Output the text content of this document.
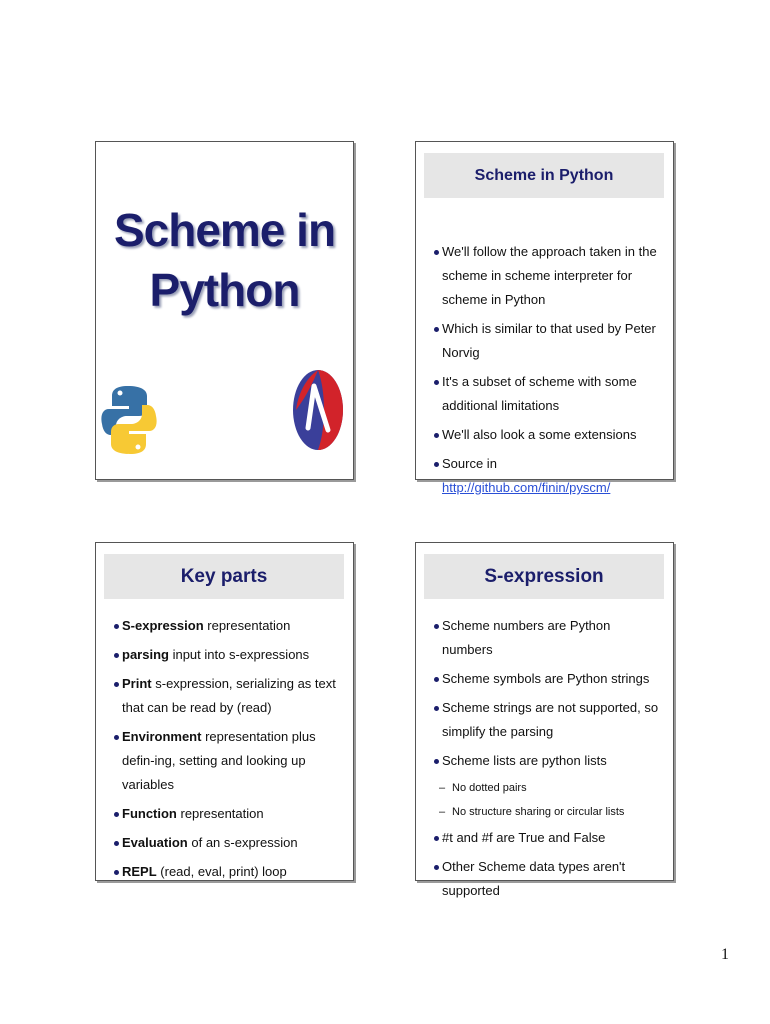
Scheme in
Python
Scheme in Python
We'll follow the approach taken in the scheme in scheme interpreter for scheme in Python
Which is similar to that used by Peter Norvig
It's a subset of scheme with some additional limitations
We'll also look a some extensions
Source in http://github.com/finin/pyscm/
Key parts
S-expression representation
parsing input into s-expressions
Print s-expression, serializing as text that can be read by (read)
Environment representation plus defin-ing, setting and looking up variables
Function representation
Evaluation of an s-expression
REPL (read, eval, print) loop
S-expression
Scheme numbers are Python numbers
Scheme symbols are Python strings
Scheme strings are not supported, so simplify the parsing
Scheme lists are python lists
– No dotted pairs
– No structure sharing or circular lists
#t and #f are True and False
Other Scheme data types aren't supported
1
